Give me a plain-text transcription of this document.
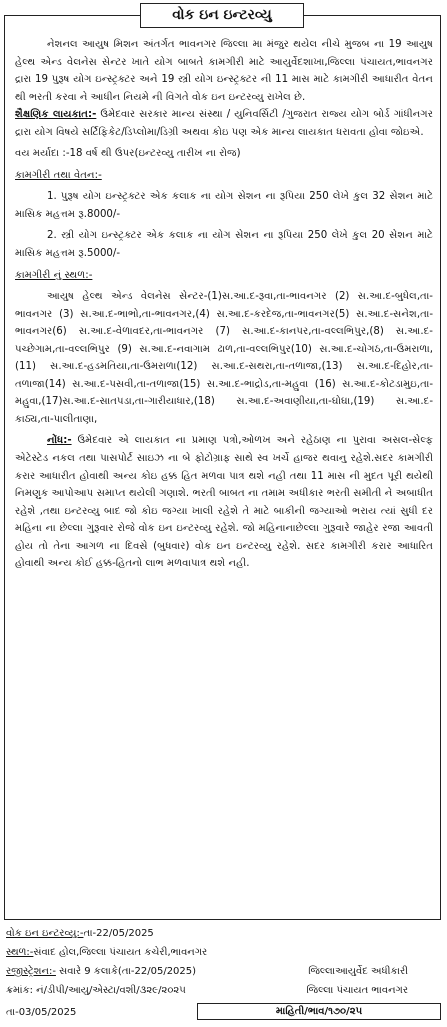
વોક ઇન ઇન્ટરવ્યુ

નેશનલ આયુષ મિશન અંતર્ગત ભાવનગર જિલ્લા મા મંજુર થયેલ નીચે મુજબ ના 19 આયુષ હેલ્થ એન્ડ વેલનેસ સેન્ટર ખાતે યોગ બાબતે કામગીરી માટે આયુર્વેદશાખા,જિલ્લા પંચાયત,ભાવનગર દ્રારા 19 પુરૂષ યોગ ઇન્સ્ટ્રક્ટર અને 19 સ્ત્રી યોગ ઇન્સ્ટ્રક્ટર ની 11 માસ માટે કામગીરી આધારીત વેતન થી ભરતી કરવા ને આધીન નિયમે ની વિગતે વોક ઇન ઇન્ટરવ્યુ રાખેલ છે.

શૈક્ષણિક લાયકાત:- ઉમેદવાર સરકાર માન્ય સંસ્થા / યુનિવર્સિટી /ગુજરાત રાજ્ય યોગ બોર્ડ ગાંધીનગર દ્રારા યોગ વિષયે સર્ટિફિકેટ/ડિપ્લોમા/ડિગ્રી અથવા કોઇ પણ એક માન્ય લાયકાત ધરાવતા હોવા જોઇએ.

વય મર્યાદા :-18 વર્ષ થી ઉપર(ઇન્ટરવ્યુ તારીખ ના રોજ)

કામગીરી તથા વેતન:-

1. પુરૂષ યોગ ઇન્સ્ટ્રક્ટર એક કલાક ના યોગ સેશન ના રૂપિયા 250 લેખે કુલ 32 સેશન માટે માસિક મહત્તમ રૂ.8000/-

2. સ્ત્રી યોગ ઇન્સ્ટ્રક્ટર એક કલાક ના યોગ સેશન ના રૂપિયા 250 લેખે કુલ 20 સેશન માટે માસિક મહત્તમ રૂ.5000/-

કામગીરી નું સ્થળ:-

આયુષ હેલ્થ એન્ડ વેલનેસ સેન્ટર-(1)સ.આ.દ-રૂવા,તા-ભાવનગર (2) સ.આ.દ-બુધેલ,તા-ભાવનગર (3) સ.આ.દ-ભાભો,તા-ભાવનગર,(4) સ.આ.દ-કરદેજ,તા-ભાવનગર(5) સ.આ.દ-સનેશ,તા-ભાવનગર(6) સ.આ.દ-વેળાવદર,તા-ભાવનગર (7) સ.આ.દ-કાનપર,તા-વલ્લભિપુર,(8) સ.આ.દ-પચ્છેગામ,તા-વલ્લભિપુર (9) સ.આ.દ-નવાગામ ઢાળ,તા-વલ્લભિપુર(10) સ.આ.દ-ચોગઠ,તા-ઉમરાળા,(11) સ.આ.દ-હડમતિયા,તા-ઉમરાળા(12) સ.આ.દ-સથરા,તા-તળાજા,(13) સ.આ.દ-દિહોર,તા-તળાજા(14) સ.આ.દ-પસવી,તા-તળાજા(15) સ.આ.દ-ભાદ્રોડ,તા-મહુવા (16) સ.આ.દ-કોટડામુઇ,તા-મહુવા,(17)સ.આ.દ-સાતપડા,તા-ગારીયાધાર,(18) સ.આ.દ-અવાણીયા,તા-ઘોઘા,(19) સ.આ.દ-કાઠ્ય,તા-પાલીતાણા,

નોંધ:- ઉમેદવાર એ લાયકાત ના પ્રમાણ પત્રો,ઓળખ અને રહેઠાણ ના પુરાવા અસલ-સેલ્ફ એટેસ્ટેડ નકલ તથા પાસપોર્ટ સાઇઝ ના બે ફોટોગ્રાફ સાથે સ્વ ખર્ચે હાજર થવાનુ રહેશે.સદર કામગીરી કરાર આધારીત હોવાથી અન્ય કોઇ હક્ક હિત મળવા પાત્ર થશે નહી તથા 11 માસ ની મુદત પૂરી થયેથી નિમણુક આપોઆપ સમાપ્ત થયેલી ગણાશે. ભરતી બાબત ના તમામ અધીકાર ભરતી સમીતી ને અબાધીત રહેશે ,તથા ઇન્ટરવ્યુ બાદ જો કોઇ જગ્યા ખાલી રહેશે તે માટે બાકીની જગ્યાઓ ભરાય ત્યાં સુધી દર મહિના ના છેલ્લા ગુરૂવાર રોજે વોક ઇન ઇન્ટરવ્યુ રહેશે. જો મહિનાનાછેલ્લા ગુરૂવારે જાહેર રજા આવતી હોય તો તેના આગળ ના દિવસે (બુધવાર) વોક ઇન ઇન્ટરવ્યુ રહેશે. સદર કામગીરી કરાર આધારિત હોવાથી અન્ય કોઈ હક્ક-હિતનો લાભ મળવાપાત્ર થશે નહી.

વોક ઇન ઇન્ટરવ્યુ:-તા-22/05/2025
સ્થળ:-સંવાદ હોલ,જિલ્લા પંચાયત કચેરી,ભાવનગર
રજીસ્ટ્રેશન:- સવારે 9 કલાકે(તા-22/05/2025)	જિલ્લાઆયુર્વેદ અધીકારી
ક્રમાંક: નં/ડીપી/આયુ/એસ્ટા/વશી/૩૨૯/૨૦૨૫	જિલ્લા પંચાયત ભાવનગર
તા-03/05/2025	માહિતી/ભાવ/૧૭૦/૨૫
